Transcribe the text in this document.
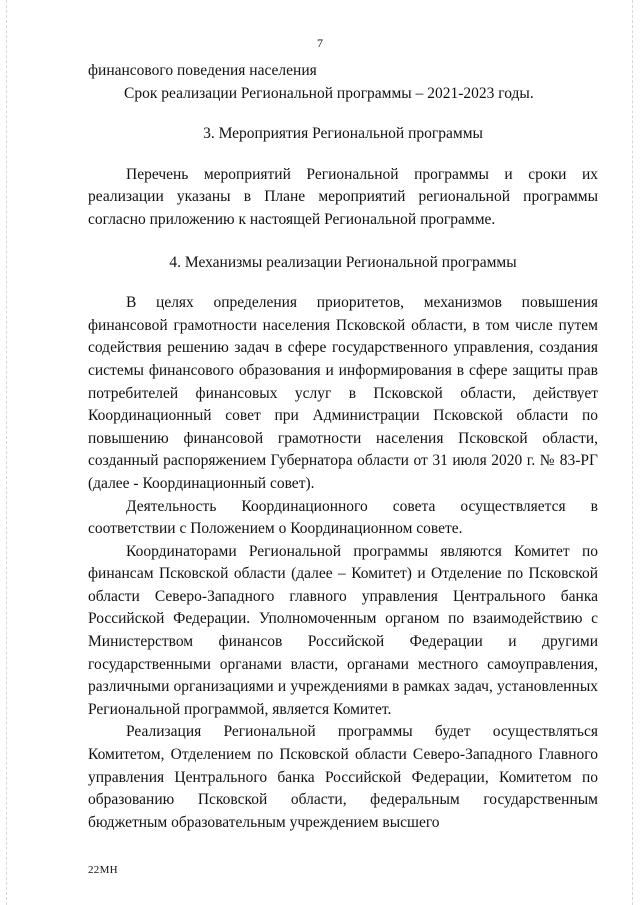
7

финансового поведения населения

Срок реализации Региональной программы – 2021-2023 годы.

3. Мероприятия Региональной программы

Перечень мероприятий Региональной программы и сроки их реализации указаны в Плане мероприятий региональной программы согласно приложению к настоящей Региональной программе.

4. Механизмы реализации Региональной программы

В целях определения приоритетов, механизмов повышения финансовой грамотности населения Псковской области, в том числе путем содействия решению задач в сфере государственного управления, создания системы финансового образования и информирования в сфере защиты прав потребителей финансовых услуг в Псковской области, действует Координационный совет при Администрации Псковской области по повышению финансовой грамотности населения Псковской области, созданный распоряжением Губернатора области от 31 июля 2020 г. № 83-РГ (далее - Координационный совет).

Деятельность Координационного совета осуществляется в соответствии с Положением о Координационном совете.

Координаторами Региональной программы являются Комитет по финансам Псковской области (далее – Комитет) и Отделение по Псковской области Северо-Западного главного управления Центрального банка Российской Федерации. Уполномоченным органом по взаимодействию с Министерством финансов Российской Федерации и другими государственными органами власти, органами местного самоуправления, различными организациями и учреждениями в рамках задач, установленных Региональной программой, является Комитет.

Реализация Региональной программы будет осуществляться Комитетом, Отделением по Псковской области Северо-Западного Главного управления Центрального банка Российской Федерации, Комитетом по образованию Псковской области, федеральным государственным бюджетным образовательным учреждением высшего

22МН
